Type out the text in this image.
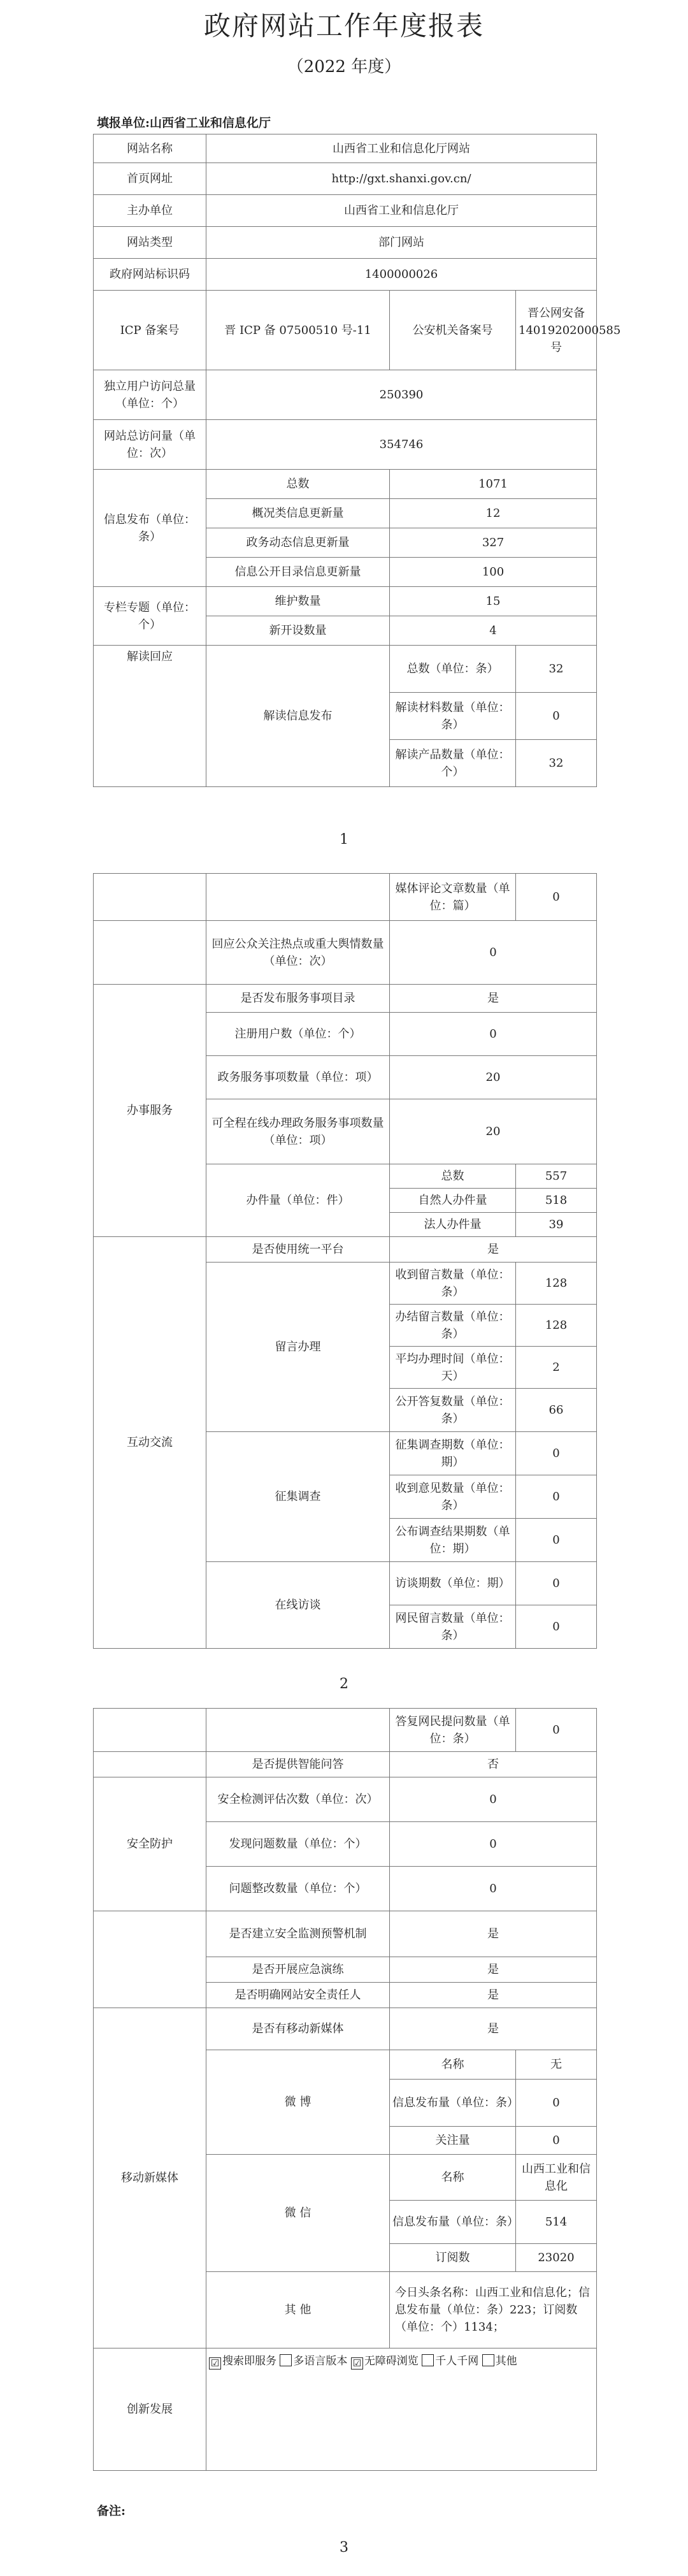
政府网站工作年度报表
（2022 年度）
填报单位:山西省工业和信息化厅
网站名称	山西省工业和信息化厅网站		
首页网址	http://gxt.shanxi.gov.cn/		
主办单位	山西省工业和信息化厅		
网站类型	部门网站		
政府网站标识码	1400000026		
ICP 备案号	晋 ICP 备 07500510 号-11	公安机关备案号	晋公网安备 14019202000585 号
独立用户访问总量（单位：个）	250390		
网站总访问量（单位：次）	354746		
信息发布（单位：条）	总数	1071	
	概况类信息更新量	12	
	政务动态信息更新量	327	
	信息公开目录信息更新量	100	
专栏专题（单位：个）	维护数量	15	
	新开设数量	4	
解读回应	解读信息发布	总数（单位：条）	32
		解读材料数量（单位：条）	0
		解读产品数量（单位：个）	32
1
		媒体评论文章数量（单位：篇）	0
	回应公众关注热点或重大舆情数量（单位：次）	0	
办事服务	是否发布服务事项目录	是	
	注册用户数（单位：个）	0	
	政务服务事项数量（单位：项）	20	
	可全程在线办理政务服务事项数量（单位：项）	20	
	办件量（单位：件）	总数	557
		自然人办件量	518
		法人办件量	39
互动交流	是否使用统一平台	是	
	留言办理	收到留言数量（单位：条）	128
		办结留言数量（单位：条）	128
		平均办理时间（单位：天）	2
		公开答复数量（单位：条）	66
	征集调查	征集调查期数（单位：期）	0
		收到意见数量（单位：条）	0
		公布调查结果期数（单位：期）	0
	在线访谈	访谈期数（单位：期）	0
		网民留言数量（单位：条）	0
2
		答复网民提问数量（单位：条）	0
	是否提供智能问答	否	
安全防护	安全检测评估次数（单位：次）	0	
	发现问题数量（单位：个）	0	
	问题整改数量（单位：个）	0	
	是否建立安全监测预警机制	是	
	是否开展应急演练	是	
	是否明确网站安全责任人	是	
移动新媒体	是否有移动新媒体	是	
	微 博	名称	无
		信息发布量（单位：条）	0
		关注量	0
	微 信	名称	山西工业和信息化
		信息发布量（单位：条）	514
		订阅数	23020
	其 他	今日头条名称：山西工业和信息化；信息发布量（单位：条）223；订阅数（单位：个）1134；	
创新发展	☑ 搜索即服务 多语言版本 ☑ 无障碍浏览 千人千网 其他		
备注:
3
